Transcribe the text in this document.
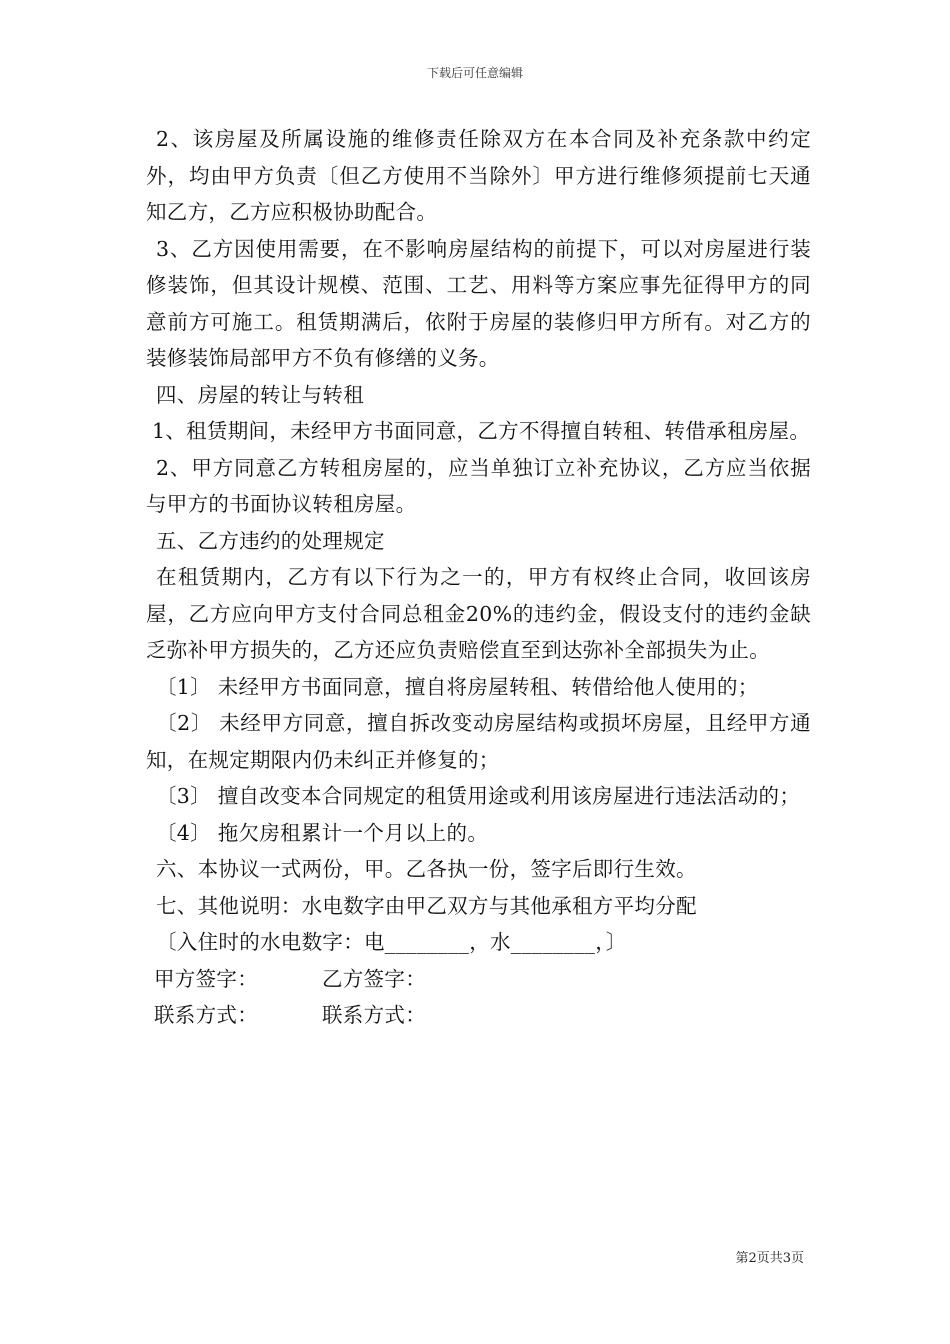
下载后可任意编辑

2、该房屋及所属设施的维修责任除双方在本合同及补充条款中约定外，均由甲方负责〔但乙方使用不当除外〕甲方进行维修须提前七天通知乙方，乙方应积极协助配合。

3、乙方因使用需要，在不影响房屋结构的前提下，可以对房屋进行装修装饰，但其设计规模、范围、工艺、用料等方案应事先征得甲方的同意前方可施工。租赁期满后，依附于房屋的装修归甲方所有。对乙方的装修装饰局部甲方不负有修缮的义务。

四、房屋的转让与转租

1、租赁期间，未经甲方书面同意，乙方不得擅自转租、转借承租房屋。

2、甲方同意乙方转租房屋的，应当单独订立补充协议，乙方应当依据与甲方的书面协议转租房屋。

五、乙方违约的处理规定

在租赁期内，乙方有以下行为之一的，甲方有权终止合同，收回该房屋，乙方应向甲方支付合同总租金20%的违约金，假设支付的违约金缺乏弥补甲方损失的，乙方还应负责赔偿直至到达弥补全部损失为止。

〔1〕 未经甲方书面同意，擅自将房屋转租、转借给他人使用的；

〔2〕 未经甲方同意，擅自拆改变动房屋结构或损坏房屋，且经甲方通知，在规定期限内仍未纠正并修复的；

〔3〕 擅自改变本合同规定的租赁用途或利用该房屋进行违法活动的；

〔4〕 拖欠房租累计一个月以上的。

六、本协议一式两份，甲。乙各执一份，签字后即行生效。

七、其他说明：水电数字由甲乙双方与其他承租方平均分配

〔入住时的水电数字：电________，水________，〕

甲方签字：	乙方签字：
联系方式：	联系方式：
第2页共3页
